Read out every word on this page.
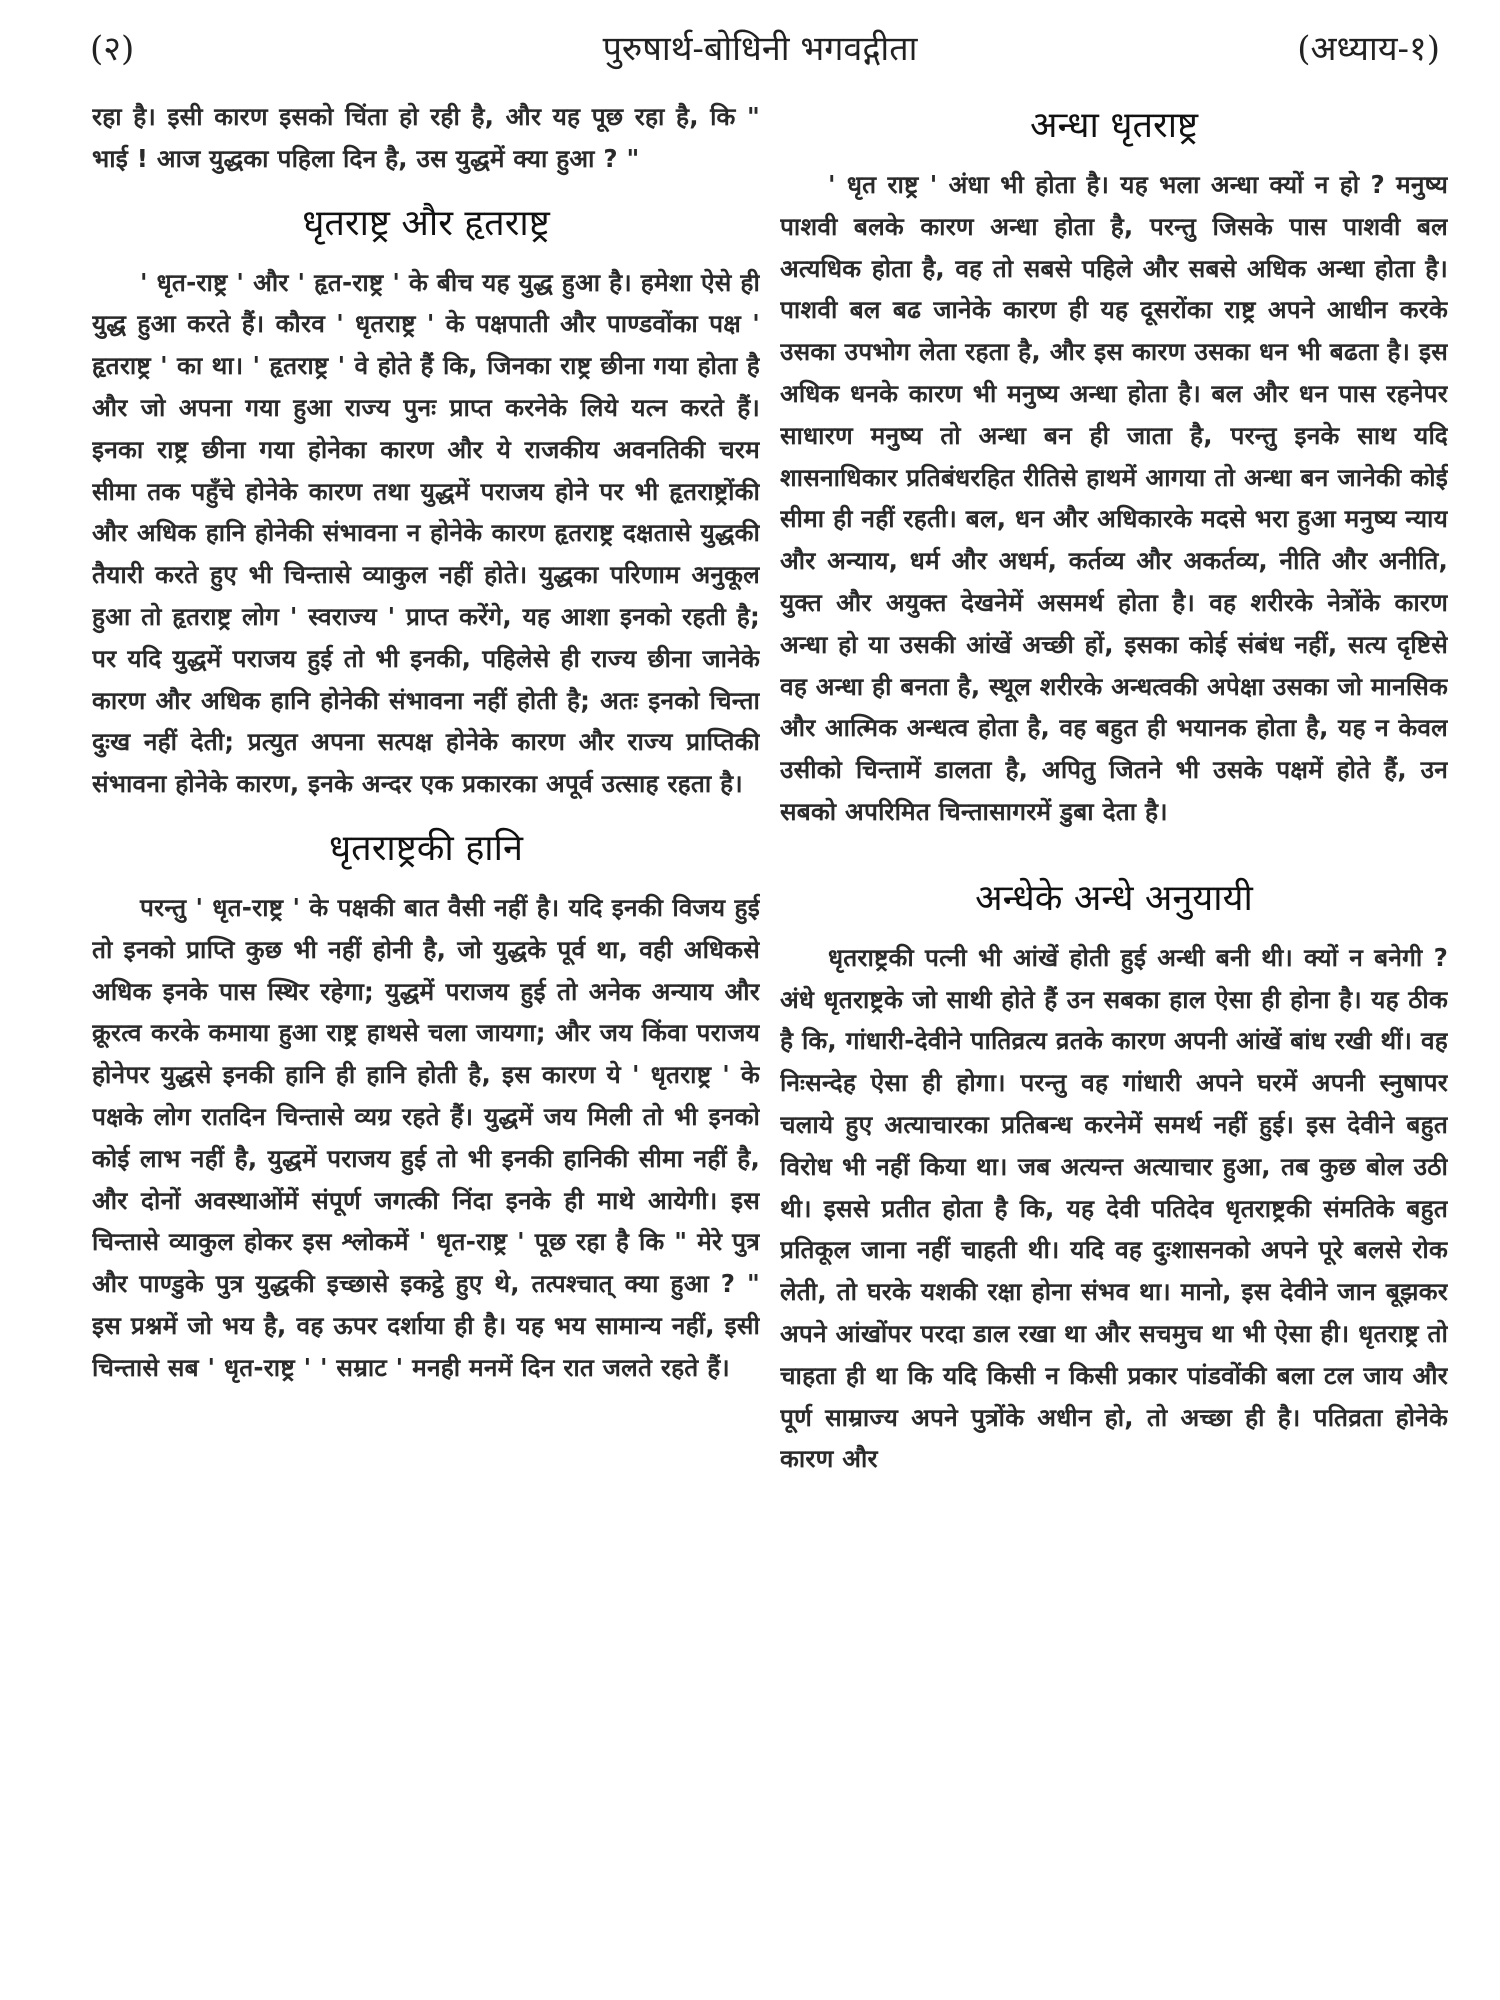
(२)	पुरुषार्थ-बोधिनी भगवद्गीता	(अध्याय-१)

रहा है। इसी कारण इसको चिंता हो रही है, और यह पूछ रहा है, कि " भाई ! आज युद्धका पहिला दिन है, उस युद्धमें क्या हुआ ? "

धृतराष्ट्र और हृतराष्ट्र

' धृत-राष्ट्र ' और ' हृत-राष्ट्र ' के बीच यह युद्ध हुआ है। हमेशा ऐसे ही युद्ध हुआ करते हैं। कौरव ' धृतराष्ट्र ' के पक्षपाती और पाण्डवोंका पक्ष ' हृतराष्ट्र ' का था। ' हृतराष्ट्र ' वे होते हैं कि, जिनका राष्ट्र छीना गया होता है और जो अपना गया हुआ राज्य पुनः प्राप्त करनेके लिये यत्न करते हैं। इनका राष्ट्र छीना गया होनेका कारण और ये राजकीय अवनतिकी चरम सीमा तक पहुँचे होनेके कारण तथा युद्धमें पराजय होने पर भी हृतराष्ट्रोंकी और अधिक हानि होनेकी संभावना न होनेके कारण हृतराष्ट्र दक्षतासे युद्धकी तैयारी करते हुए भी चिन्तासे व्याकुल नहीं होते। युद्धका परिणाम अनुकूल हुआ तो हृतराष्ट्र लोग ' स्वराज्य ' प्राप्त करेंगे, यह आशा इनको रहती है; पर यदि युद्धमें पराजय हुई तो भी इनकी, पहिलेसे ही राज्य छीना जानेके कारण और अधिक हानि होनेकी संभावना नहीं होती है; अतः इनको चिन्ता दुःख नहीं देती; प्रत्युत अपना सत्पक्ष होनेके कारण और राज्य प्राप्तिकी संभावना होनेके कारण, इनके अन्दर एक प्रकारका अपूर्व उत्साह रहता है।

धृतराष्ट्रकी हानि

परन्तु ' धृत-राष्ट्र ' के पक्षकी बात वैसी नहीं है। यदि इनकी विजय हुई तो इनको प्राप्ति कुछ भी नहीं होनी है, जो युद्धके पूर्व था, वही अधिकसे अधिक इनके पास स्थिर रहेगा; युद्धमें पराजय हुई तो अनेक अन्याय और क्रूरत्व करके कमाया हुआ राष्ट्र हाथसे चला जायगा; और जय किंवा पराजय होनेपर युद्धसे इनकी हानि ही हानि होती है, इस कारण ये ' धृतराष्ट्र ' के पक्षके लोग रातदिन चिन्तासे व्यग्र रहते हैं। युद्धमें जय मिली तो भी इनको कोई लाभ नहीं है, युद्धमें पराजय हुई तो भी इनकी हानिकी सीमा नहीं है, और दोनों अवस्थाओंमें संपूर्ण जगत्की निंदा इनके ही माथे आयेगी। इस चिन्तासे व्याकुल होकर इस श्लोकमें ' धृत-राष्ट्र ' पूछ रहा है कि " मेरे पुत्र और पाण्डुके पुत्र युद्धकी इच्छासे इकट्ठे हुए थे, तत्पश्चात् क्या हुआ ? " इस प्रश्नमें जो भय है, वह ऊपर दर्शाया ही है। यह भय सामान्य नहीं, इसी चिन्तासे सब ' धृत-राष्ट्र ' ' सम्राट ' मनही मनमें दिन रात जलते रहते हैं।

अन्धा धृतराष्ट्र

' धृत राष्ट्र ' अंधा भी होता है। यह भला अन्धा क्यों न हो ? मनुष्य पाशवी बलके कारण अन्धा होता है, परन्तु जिसके पास पाशवी बल अत्यधिक होता है, वह तो सबसे पहिले और सबसे अधिक अन्धा होता है। पाशवी बल बढ जानेके कारण ही यह दूसरोंका राष्ट्र अपने आधीन करके उसका उपभोग लेता रहता है, और इस कारण उसका धन भी बढता है। इस अधिक धनके कारण भी मनुष्य अन्धा होता है। बल और धन पास रहनेपर साधारण मनुष्य तो अन्धा बन ही जाता है, परन्तु इनके साथ यदि शासनाधिकार प्रतिबंधरहित रीतिसे हाथमें आगया तो अन्धा बन जानेकी कोई सीमा ही नहीं रहती। बल, धन और अधिकारके मदसे भरा हुआ मनुष्य न्याय और अन्याय, धर्म और अधर्म, कर्तव्य और अकर्तव्य, नीति और अनीति, युक्त और अयुक्त देखनेमें असमर्थ होता है। वह शरीरके नेत्रोंके कारण अन्धा हो या उसकी आंखें अच्छी हों, इसका कोई संबंध नहीं, सत्य दृष्टिसे वह अन्धा ही बनता है, स्थूल शरीरके अन्धत्वकी अपेक्षा उसका जो मानसिक और आत्मिक अन्धत्व होता है, वह बहुत ही भयानक होता है, यह न केवल उसीको चिन्तामें डालता है, अपितु जितने भी उसके पक्षमें होते हैं, उन सबको अपरिमित चिन्तासागरमें डुबा देता है।

अन्धेके अन्धे अनुयायी

धृतराष्ट्रकी पत्नी भी आंखें होती हुई अन्धी बनी थी। क्यों न बनेगी ? अंधे धृतराष्ट्रके जो साथी होते हैं उन सबका हाल ऐसा ही होना है। यह ठीक है कि, गांधारी-देवीने पातिव्रत्य व्रतके कारण अपनी आंखें बांध रखी थीं। वह निःसन्देह ऐसा ही होगा। परन्तु वह गांधारी अपने घरमें अपनी स्नुषापर चलाये हुए अत्याचारका प्रतिबन्ध करनेमें समर्थ नहीं हुई। इस देवीने बहुत विरोध भी नहीं किया था। जब अत्यन्त अत्याचार हुआ, तब कुछ बोल उठी थी। इससे प्रतीत होता है कि, यह देवी पतिदेव धृतराष्ट्रकी संमतिके बहुत प्रतिकूल जाना नहीं चाहती थी। यदि वह दुःशासनको अपने पूरे बलसे रोक लेती, तो घरके यशकी रक्षा होना संभव था। मानो, इस देवीने जान बूझकर अपने आंखोंपर परदा डाल रखा था और सचमुच था भी ऐसा ही। धृतराष्ट्र तो चाहता ही था कि यदि किसी न किसी प्रकार पांडवोंकी बला टल जाय और पूर्ण साम्राज्य अपने पुत्रोंके अधीन हो, तो अच्छा ही है। पतिव्रता होनेके कारण और
